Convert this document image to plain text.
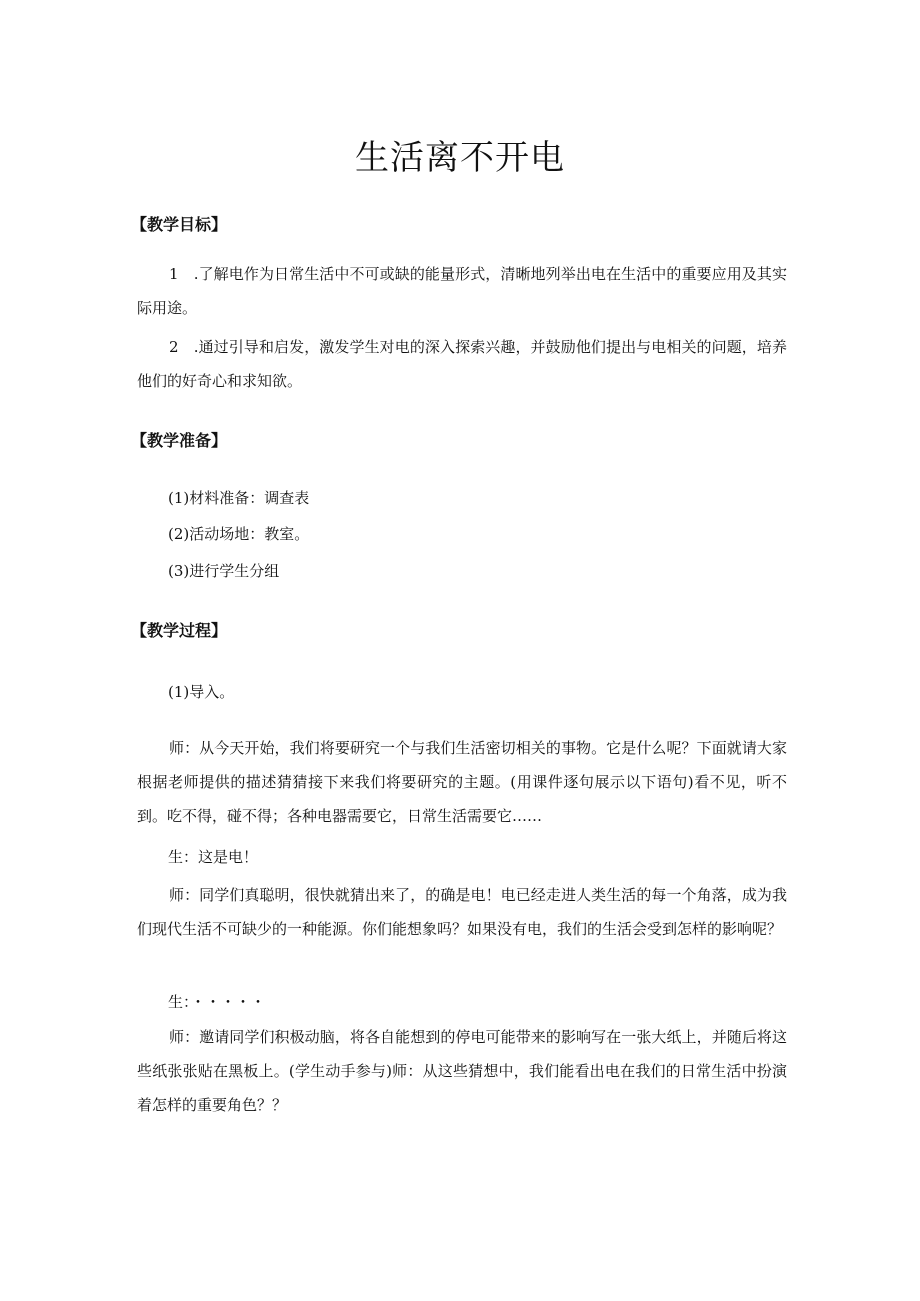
生活离不开电
【教学目标】

1　.了解电作为日常生活中不可或缺的能量形式，清晰地列举出电在生活中的重要应用及其实际用途。

2　.通过引导和启发，激发学生对电的深入探索兴趣，并鼓励他们提出与电相关的问题，培养他们的好奇心和求知欲。

【教学准备】

(1)材料准备：调查表

(2)活动场地：教室。

(3)进行学生分组

【教学过程】

(1)导入。

师：从今天开始，我们将要研究一个与我们生活密切相关的事物。它是什么呢？下面就请大家根据老师提供的描述猜猜接下来我们将要研究的主题。(用课件逐句展示以下语句)看不见，听不到。吃不得，碰不得；各种电器需要它，日常生活需要它……

生：这是电！

师：同学们真聪明，很快就猜出来了，的确是电！电已经走进人类生活的每一个角落，成为我们现代生活不可缺少的一种能源。你们能想象吗？如果没有电，我们的生活会受到怎样的影响呢？

生：・・・・・

师：邀请同学们积极动脑，将各自能想到的停电可能带来的影响写在一张大纸上，并随后将这些纸张张贴在黑板上。(学生动手参与)师：从这些猜想中，我们能看出电在我们的日常生活中扮演着怎样的重要角色？？
